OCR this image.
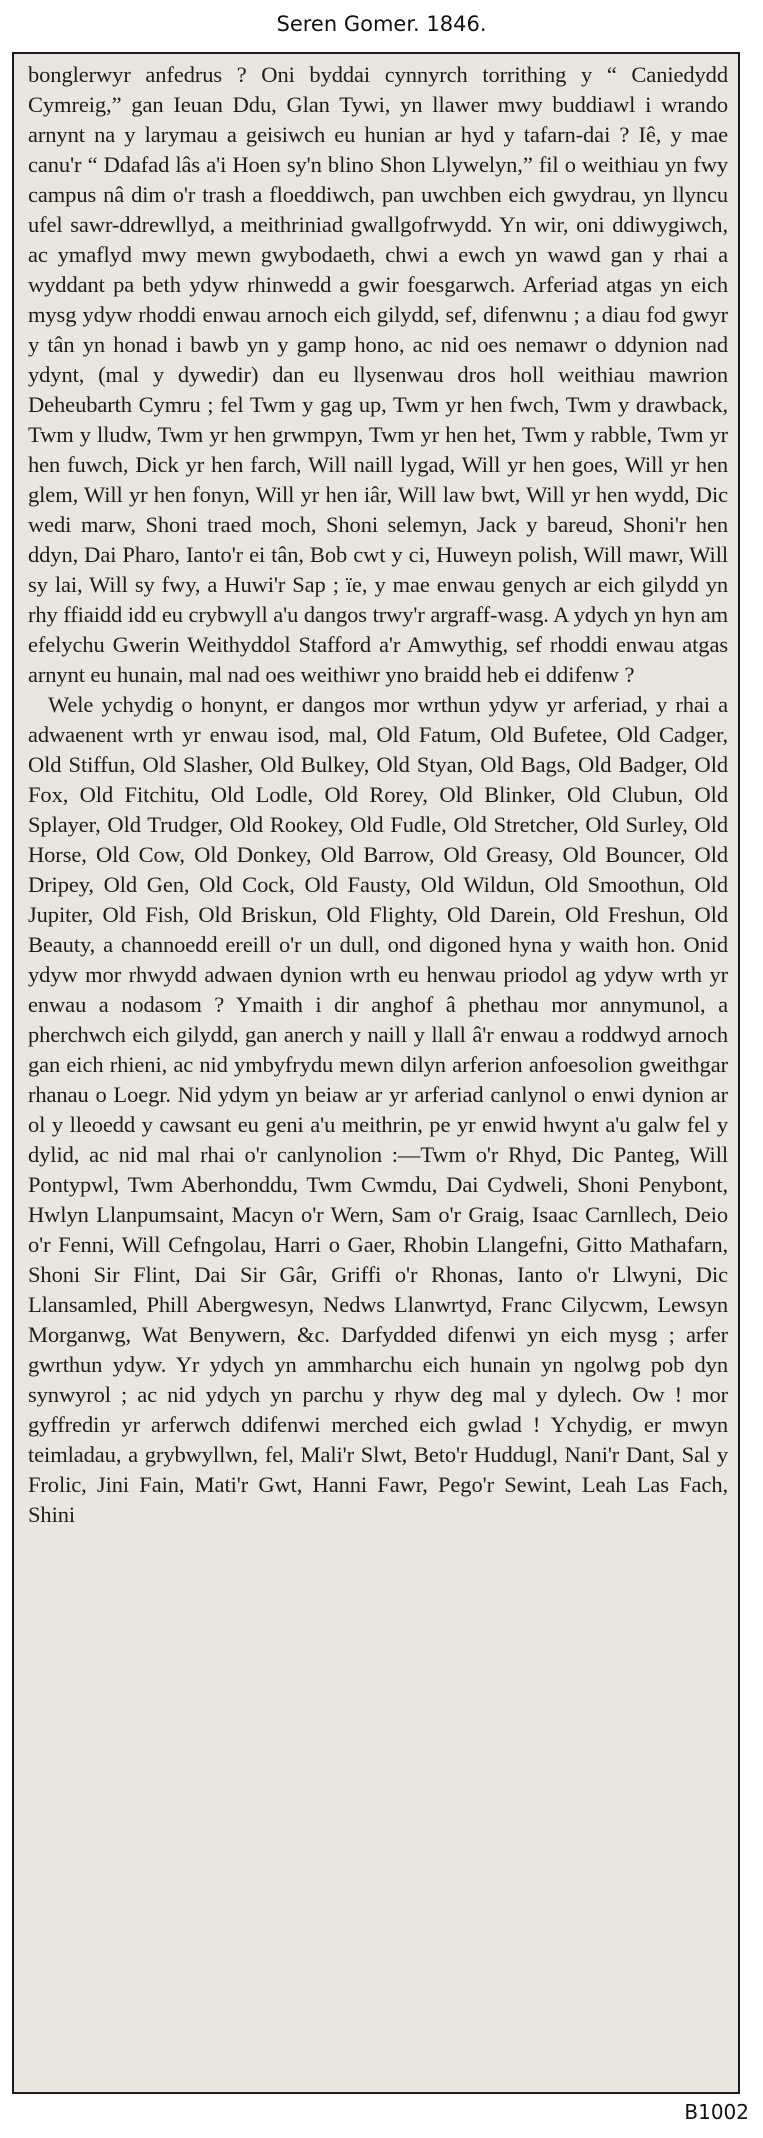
Seren Gomer. 1846.

bonglerwyr anfedrus ? Oni byddai cynnyrch torrithing y “ Caniedydd Cymreig,” gan Ieuan Ddu, Glan Tywi, yn llawer mwy buddiawl i wrando arnynt na y larymau a geisiwch eu hunian ar hyd y tafarn-dai ? Iê, y mae canu'r “ Ddafad lâs a'i Hoen sy'n blino Shon Llywelyn,” fil o weithiau yn fwy campus nâ dim o'r trash a floeddiwch, pan uwchben eich gwydrau, yn llyncu ufel sawr-ddrewllyd, a meithriniad gwallgofrwydd. Yn wir, oni ddiwygiwch, ac ymaflyd mwy mewn gwybodaeth, chwi a ewch yn wawd gan y rhai a wyddant pa beth ydyw rhinwedd a gwir foesgarwch. Arferiad atgas yn eich mysg ydyw rhoddi enwau arnoch eich gilydd, sef, difenwnu ; a diau fod gwyr y tân yn honad i bawb yn y gamp hono, ac nid oes nemawr o ddynion nad ydynt, (mal y dywedir) dan eu llysenwau dros holl weithiau mawrion Deheubarth Cymru ; fel Twm y gag up, Twm yr hen fwch, Twm y drawback, Twm y lludw, Twm yr hen grwmpyn, Twm yr hen het, Twm y rabble, Twm yr hen fuwch, Dick yr hen farch, Will naill lygad, Will yr hen goes, Will yr hen glem, Will yr hen fonyn, Will yr hen iâr, Will law bwt, Will yr hen wydd, Dic wedi marw, Shoni traed moch, Shoni selemyn, Jack y bareud, Shoni'r hen ddyn, Dai Pharo, Ianto'r ei tân, Bob cwt y ci, Huweyn polish, Will mawr, Will sy lai, Will sy fwy, a Huwi'r Sap ; ïe, y mae enwau genych ar eich gilydd yn rhy ffiaidd idd eu crybwyll a'u dangos trwy'r argraff-wasg. A ydych yn hyn am efelychu Gwerin Weithyddol Stafford a'r Amwythig, sef rhoddi enwau atgas arnynt eu hunain, mal nad oes weithiwr yno braidd heb ei ddifenw ?

Wele ychydig o honynt, er dangos mor wrthun ydyw yr arferiad, y rhai a adwaenent wrth yr enwau isod, mal, Old Fatum, Old Bufetee, Old Cadger, Old Stiffun, Old Slasher, Old Bulkey, Old Styan, Old Bags, Old Badger, Old Fox, Old Fitchitu, Old Lodle, Old Rorey, Old Blinker, Old Clubun, Old Splayer, Old Trudger, Old Rookey, Old Fudle, Old Stretcher, Old Surley, Old Horse, Old Cow, Old Donkey, Old Barrow, Old Greasy, Old Bouncer, Old Dripey, Old Gen, Old Cock, Old Fausty, Old Wildun, Old Smoothun, Old Jupiter, Old Fish, Old Briskun, Old Flighty, Old Darein, Old Freshun, Old Beauty, a channoedd ereill o'r un dull, ond digoned hyna y waith hon. Onid ydyw mor rhwydd adwaen dynion wrth eu henwau priodol ag ydyw wrth yr enwau a nodasom ? Ymaith i dir anghof â phethau mor annymunol, a pherchwch eich gilydd, gan anerch y naill y llall â'r enwau a roddwyd arnoch gan eich rhieni, ac nid ymbyfrydu mewn dilyn arferion anfoesolion gweithgar rhanau o Loegr. Nid ydym yn beiaw ar yr arferiad canlynol o enwi dynion ar ol y lleoedd y cawsant eu geni a'u meithrin, pe yr enwid hwynt a'u galw fel y dylid, ac nid mal rhai o'r canlynolion :—Twm o'r Rhyd, Dic Panteg, Will Pontypwl, Twm Aberhonddu, Twm Cwmdu, Dai Cydweli, Shoni Penybont, Hwlyn Llanpumsaint, Macyn o'r Wern, Sam o'r Graig, Isaac Carnllech, Deio o'r Fenni, Will Cefngolau, Harri o Gaer, Rhobin Llangefni, Gitto Mathafarn, Shoni Sir Flint, Dai Sir Gâr, Griffi o'r Rhonas, Ianto o'r Llwyni, Dic Llansamled, Phill Abergwesyn, Nedws Llanwrtyd, Franc Cilycwm, Lewsyn Morganwg, Wat Benywern, &c. Darfydded difenwi yn eich mysg ; arfer gwrthun ydyw. Yr ydych yn ammharchu eich hunain yn ngolwg pob dyn synwyrol ; ac nid ydych yn parchu y rhyw deg mal y dylech. Ow ! mor gyffredin yr arferwch ddifenwi merched eich gwlad ! Ychydig, er mwyn teimladau, a grybwyllwn, fel, Mali'r Slwt, Beto'r Huddugl, Nani'r Dant, Sal y Frolic, Jini Fain, Mati'r Gwt, Hanni Fawr, Pego'r Sewint, Leah Las Fach, Shini

B1002
